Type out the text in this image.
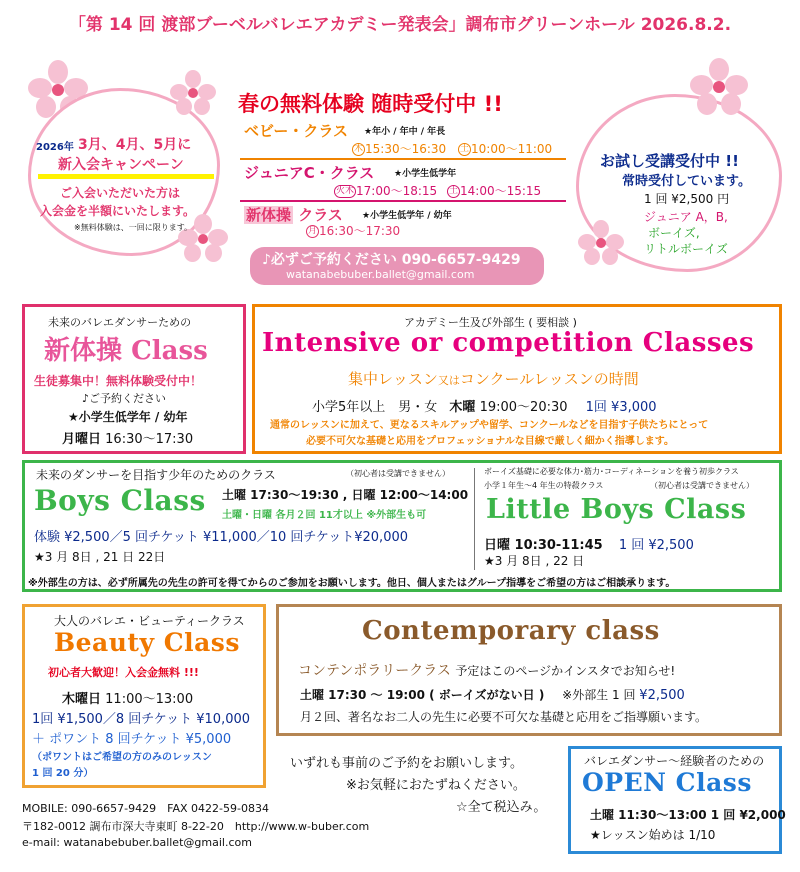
「第 14 回 渡部ブーベルバレエアカデミー発表会」調布市グリーンホール 2026.8.2.
2026年 3月、4月、5月に
新入会キャンペーン
ご入会いただいた方は
入会金を半額にいたします。
※無料体験は、一回に限ります。
春の無料体験 随時受付中 !!
ベビー・クラス ★年小 / 年中 / 年長
木 15:30〜16:30 土 10:00〜11:00
ジュニアC・クラス ★小学生低学年
火木 17:00〜18:15 土 14:00〜15:15
新体操 クラス ★小学生低学年 / 幼年
月 16:30〜17:30
♪必ずご予約ください 090-6657-9429
watanabebuber.ballet@gmail.com
お試し受講受付中 !!
常時受付しています。
1 回 ¥2,500 円
ジュニア A，B,
ボーイズ,
リトルボーイズ
未来のバレエダンサーための
新体操 Class
生徒募集中！無料体験受付中！
♪ご予約ください
★小学生低学年 / 幼年
月曜日 16:30〜17:30
アカデミー生及び外部生 ( 要相談 )
Intensive or competition Classes
集中レッスン又はコンクールレッスンの時間
小学5年以上　男・女 木曜 19:00〜20:30 1回 ¥3,000
通常のレッスンに加えて、更なるスキルアップや留学、コンクールなどを目指す子供たちにとって
必要不可欠な基礎と応用をプロフェッショナルな目線で厳しく細かく指導します。
未来のダンサーを目指す少年のためのクラス	（初心者は受講できません）
Boys Class 土曜 17:30〜19:30 , 日曜 12:00〜14:00
土曜・日曜 各月２回 11才以上 ※外部生も可
体験 ¥2,500／5 回チケット ¥11,000／10 回チケット¥20,000
★3 月 8日 , 21 日 22日
ボーイズ基礎に必要な体力･筋力･コーディネーションを養う初歩クラス
小学１年生〜4 年生の特殺クラス	（初心者は受講できません）
Little Boys Class
日曜 10:30-11:45 1 回 ¥2,500
★3 月 8日 , 22 日
※外部生の方は、必ず所属先の先生の許可を得てからのご参加をお願いします。他日、個人またはグループ指導をご希望の方はご相談承ります。
大人のバレエ・ビューティークラス
Beauty Class
初心者大歓迎！入会金無料 !!!
木曜日 11:00〜13:00
1回 ¥1,500／8 回チケット ¥10,000
＋ ポワント 8 回チケット ¥5,000
（ポワントはご希望の方のみのレッスン
1 回 20 分）
Contemporary class
コンテンポラリークラス 予定はこのページかインスタでお知らせ!
土曜 17:30 〜 19:00 ( ボーイズがない日 ) ※外部生 1 回 ¥2,500
月２回、著名なお二人の先生に必要不可欠な基礎と応用をご指導願います。
いずれも事前のご予約をお願いします。
※お気軽におたずねください。
☆全て税込み。
MOBILE: 090-6657-9429　FAX 0422-59-0834
〒182-0012 調布市深大寺東町 8-22-20　http://www.w-buber.com
e-mail: watanabebuber.ballet@gmail.com
バレエダンサー〜経験者のための
OPEN Class
土曜 11:30〜13:00 1 回 ¥2,000
★レッスン始めは 1/10
